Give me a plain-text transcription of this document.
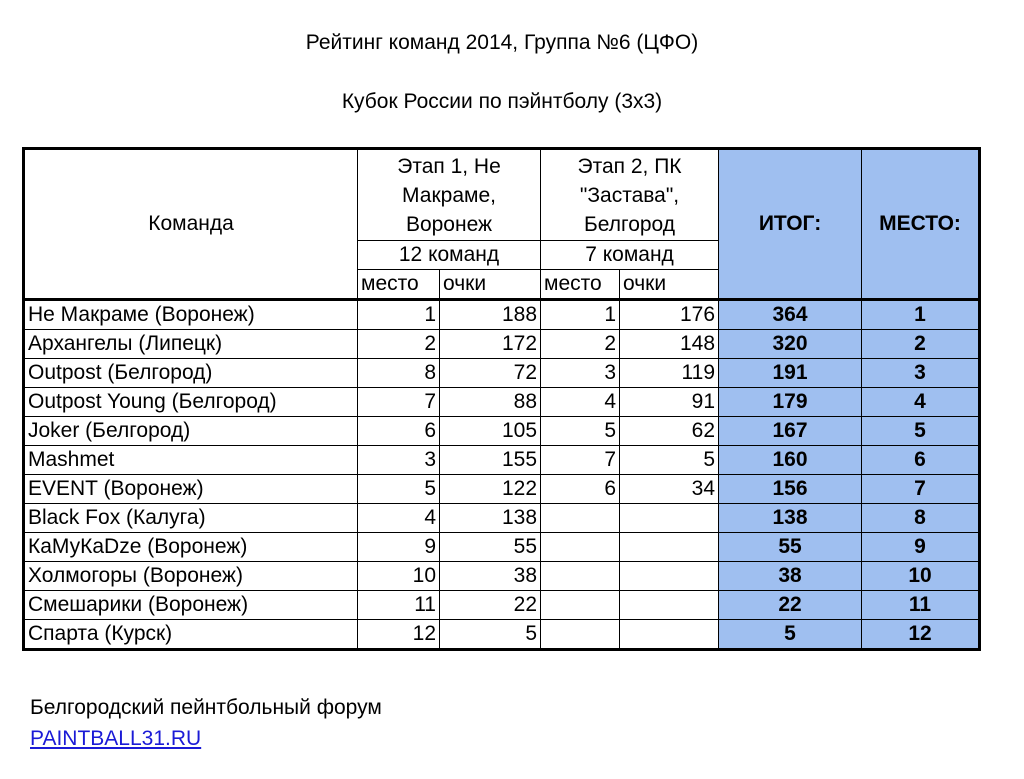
Рейтинг команд 2014, Группа №6 (ЦФО)
Кубок России по пэйнтболу (3х3)
Команда	Этап 1, Не Макраме, Воронеж		Этап 2, ПК "Застава", Белгород		ИТОГ:	МЕСТО:
	12 команд		7 команд			
	место	очки	место	очки		
Не Макраме (Воронеж)	1	188	1	176	364	1
Архангелы (Липецк)	2	172	2	148	320	2
Outpost (Белгород)	8	72	3	119	191	3
Outpost Young (Белгород)	7	88	4	91	179	4
Joker (Белгород)	6	105	5	62	167	5
Mashmet	3	155	7	5	160	6
EVENT (Воронеж)	5	122	6	34	156	7
Black Fox (Калуга)	4	138			138	8
КаМуКаDze (Воронеж)	9	55			55	9
Холмогоры (Воронеж)	10	38			38	10
Смешарики (Воронеж)	11	22			22	11
Спарта (Курск)	12	5			5	12
Белгородский пейнтбольный форум
PAINTBALL31.RU
